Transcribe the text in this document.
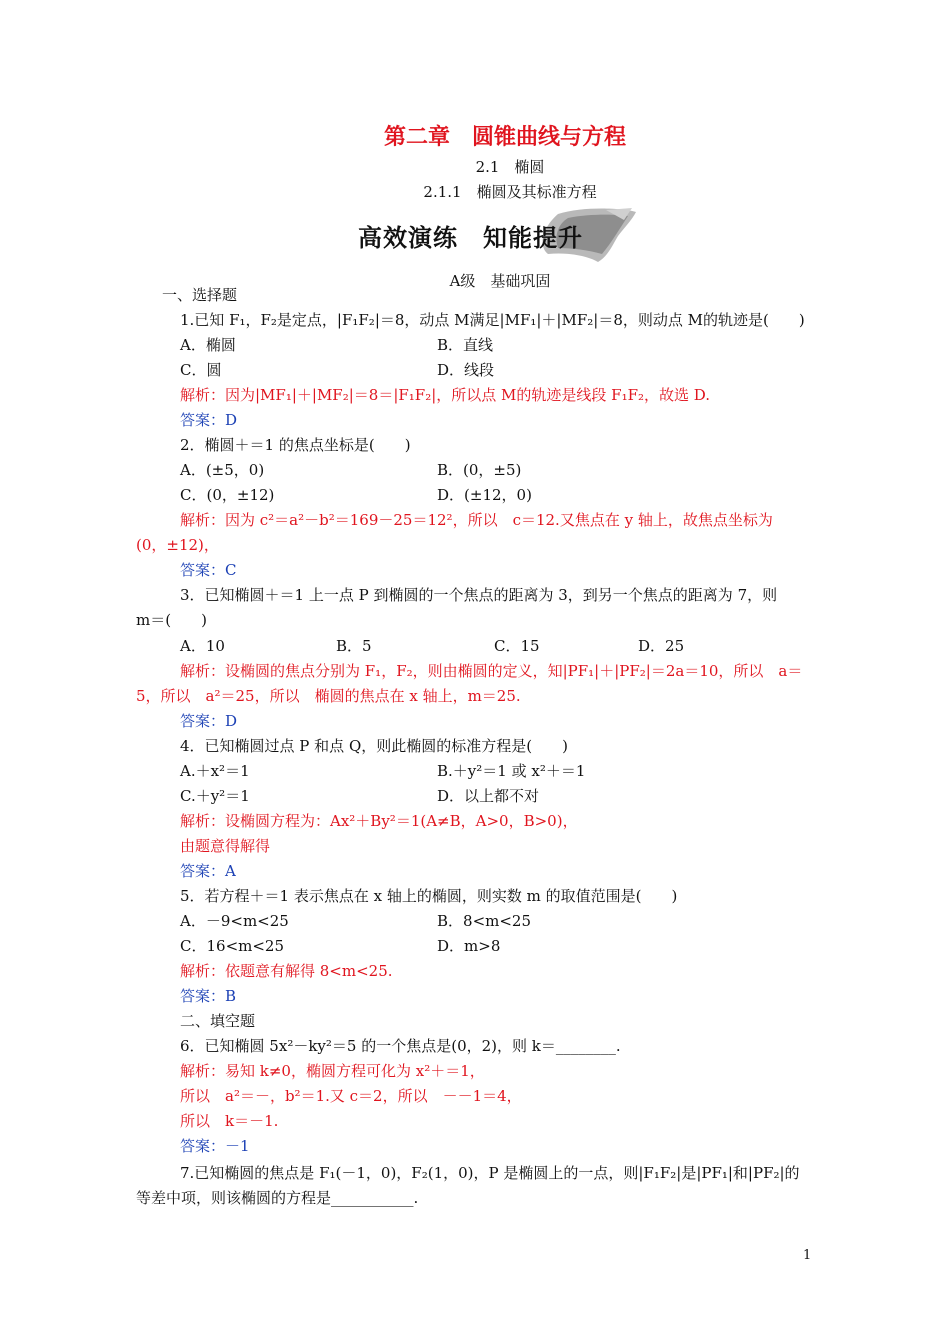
第二章　圆锥曲线与方程
2.1　椭圆
2.1.1　椭圆及其标准方程
高效演练　知能提升
A级　基础巩固
一、选择题
1.已知 F₁，F₂是定点，|F₁F₂|＝8，动点 M满足|MF₁|＋|MF₂|＝8，则动点 M的轨迹是(　　)
A．椭圆	B．直线
C．圆	D．线段
解析：因为|MF₁|＋|MF₂|＝8＝|F₁F₂|，所以点 M的轨迹是线段 F₁F₂，故选 D.
答案：D
2．椭圆＋＝1 的焦点坐标是(　　)
A．(±5，0)	B．(0，±5)
C．(0，±12)	D．(±12，0)
解析：因为 c²＝a²－b²＝169－25＝12²，所以　c＝12.又焦点在 y 轴上，故焦点坐标为
(0，±12)，
答案：C
3．已知椭圆＋＝1 上一点 P 到椭圆的一个焦点的距离为 3，到另一个焦点的距离为 7，则
m＝(　　)
A．10	B．5	C．15	D．25
解析：设椭圆的焦点分别为 F₁，F₂，则由椭圆的定义，知|PF₁|＋|PF₂|＝2a＝10，所以　a＝
5，所以　a²＝25，所以　椭圆的焦点在 x 轴上，m＝25.
答案：D
4．已知椭圆过点 P 和点 Q，则此椭圆的标准方程是(　　)
A.＋x²＝1	B.＋y²＝1 或 x²＋＝1
C.＋y²＝1	D．以上都不对
解析：设椭圆方程为：Ax²＋By²＝1(A≠B，A>0，B>0)，
由题意得解得
答案：A
5．若方程＋＝1 表示焦点在 x 轴上的椭圆，则实数 m 的取值范围是(　　)
A．－9<m<25	B．8<m<25
C．16<m<25	D．m>8
解析：依题意有解得 8<m<25.
答案：B
二、填空题
6．已知椭圆 5x²－ky²＝5 的一个焦点是(0，2)，则 k＝________.
解析：易知 k≠0，椭圆方程可化为 x²＋＝1，
所以　a²＝－，b²＝1.又 c＝2，所以　－－1＝4，
所以　k＝－1.
答案：－1
7.已知椭圆的焦点是 F₁(－1，0)，F₂(1，0)，P 是椭圆上的一点，则|F₁F₂|是|PF₁|和|PF₂|的
等差中项，则该椭圆的方程是___________.
1
